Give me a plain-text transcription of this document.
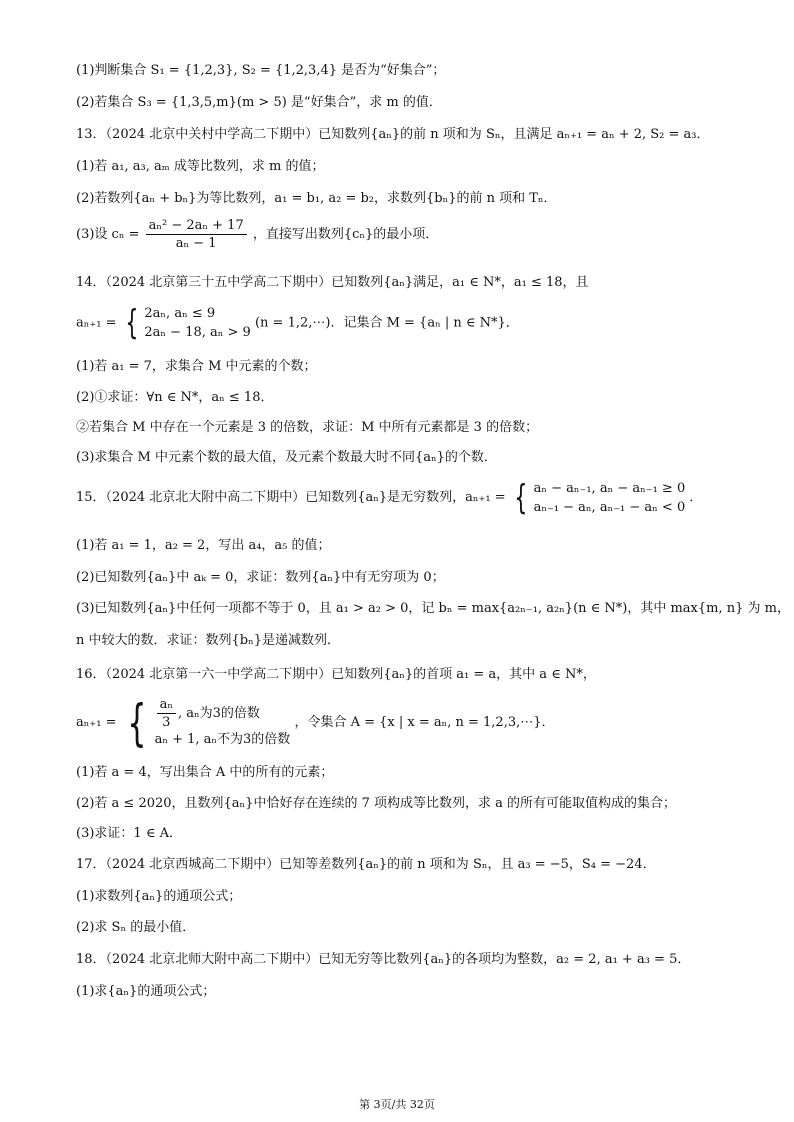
(1)判断集合 S₁ = {1,2,3}, S₂ = {1,2,3,4} 是否为“好集合”；
(2)若集合 S₃ = {1,3,5,m}(m > 5) 是“好集合”，求 m 的值．
13．（2024 北京中关村中学高二下期中）已知数列{aₙ}的前 n 项和为 Sₙ，且满足 aₙ₊₁ = aₙ + 2, S₂ = a₃．
(1)若 a₁, a₃, aₘ 成等比数列，求 m 的值；
(2)若数列{aₙ + bₙ}为等比数列，a₁ = b₁, a₂ = b₂，求数列{bₙ}的前 n 项和 Tₙ．
(3)设 $c_n = \frac{\text{aₙ² − 2aₙ + 17}}{\text{aₙ − 1}}$ ，直接写出数列{cₙ}的最小项．
14．（2024 北京第三十五中学高二下期中）已知数列{aₙ}满足，a₁ ∈ N*，a₁ ≤ 18，且
aₙ₊₁ = { 2aₙ, aₙ ≤ 9
2aₙ − 18, aₙ > 9
(n = 1,2,⋯)．记集合 M = {aₙ | n ∈ N*}．
(1)若 a₁ = 7，求集合 M 中元素的个数；
(2)①求证：∀n ∈ N*，aₙ ≤ 18．
②若集合 M 中存在一个元素是 3 的倍数，求证：M 中所有元素都是 3 的倍数；
(3)求集合 M 中元素个数的最大值，及元素个数最大时不同{aₙ}的个数．
15．（2024 北京北大附中高二下期中）已知数列{aₙ}是无穷数列，aₙ₊₁ = { aₙ − aₙ₋₁, aₙ − aₙ₋₁ ≥ 0
aₙ₋₁ − aₙ, aₙ₋₁ − aₙ < 0
．
(1)若 a₁ = 1，a₂ = 2，写出 a₄，a₅ 的值；
(2)已知数列{aₙ}中 aₖ = 0，求证：数列{aₙ}中有无穷项为 0；
(3)已知数列{aₙ}中任何一项都不等于 0，且 a₁ > a₂ > 0，记 bₙ = max{a₂ₙ₋₁, a₂ₙ}(n ∈ N*)，其中 max{m, n} 为 m，
n 中较大的数．求证：数列{bₙ}是递减数列．
16．（2024 北京第一六一中学高二下期中）已知数列{aₙ}的首项 a₁ = a，其中 a ∈ N*，
aₙ₊₁ = { $\frac{\text{aₙ}}{3}$ , aₙ为3的倍数
aₙ + 1, aₙ不为3的倍数
，令集合 A = {x | x = aₙ, n = 1,2,3,⋯}．
(1)若 a = 4，写出集合 A 中的所有的元素；
(2)若 a ≤ 2020，且数列{aₙ}中恰好存在连续的 7 项构成等比数列，求 a 的所有可能取值构成的集合；
(3)求证：1 ∈ A．
17．（2024 北京西城高二下期中）已知等差数列{aₙ}的前 n 项和为 Sₙ，且 a₃ = −5，S₄ = −24．
(1)求数列{aₙ}的通项公式；
(2)求 Sₙ 的最小值．
18．（2024 北京北师大附中高二下期中）已知无穷等比数列{aₙ}的各项均为整数，a₂ = 2, a₁ + a₃ = 5．
(1)求{aₙ}的通项公式；
第 3页/共 32页
